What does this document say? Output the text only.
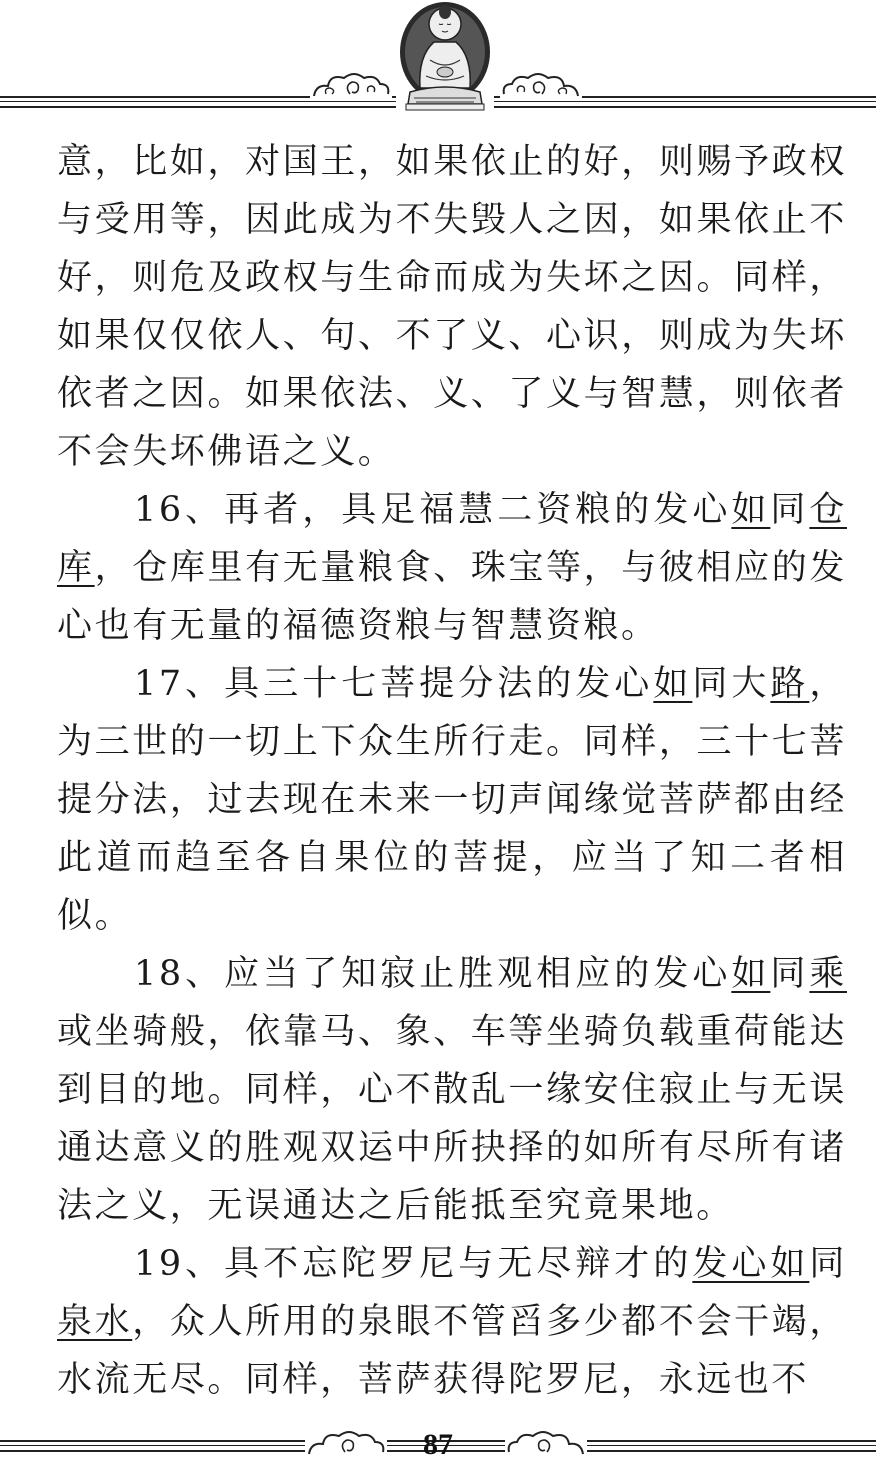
意，比如，对国王，如果依止的好，则赐予政权与受用等，因此成为不失毁人之因，如果依止不好，则危及政权与生命而成为失坏之因。同样，如果仅仅依人、句、不了义、心识，则成为失坏依者之因。如果依法、义、了义与智慧，则依者不会失坏佛语之义。

16、再者，具足福慧二资粮的发心如同仓库，仓库里有无量粮食、珠宝等，与彼相应的发心也有无量的福德资粮与智慧资粮。

17、具三十七菩提分法的发心如同大路，为三世的一切上下众生所行走。同样，三十七菩提分法，过去现在未来一切声闻缘觉菩萨都由经此道而趋至各自果位的菩提，应当了知二者相似。

18、应当了知寂止胜观相应的发心如同乘或坐骑般，依靠马、象、车等坐骑负载重荷能达到目的地。同样，心不散乱一缘安住寂止与无误通达意义的胜观双运中所抉择的如所有尽所有诸法之义，无误通达之后能抵至究竟果地。

19、具不忘陀罗尼与无尽辩才的发心如同泉水，众人所用的泉眼不管舀多少都不会干竭，水流无尽。同样，菩萨获得陀罗尼，永远也不

87
